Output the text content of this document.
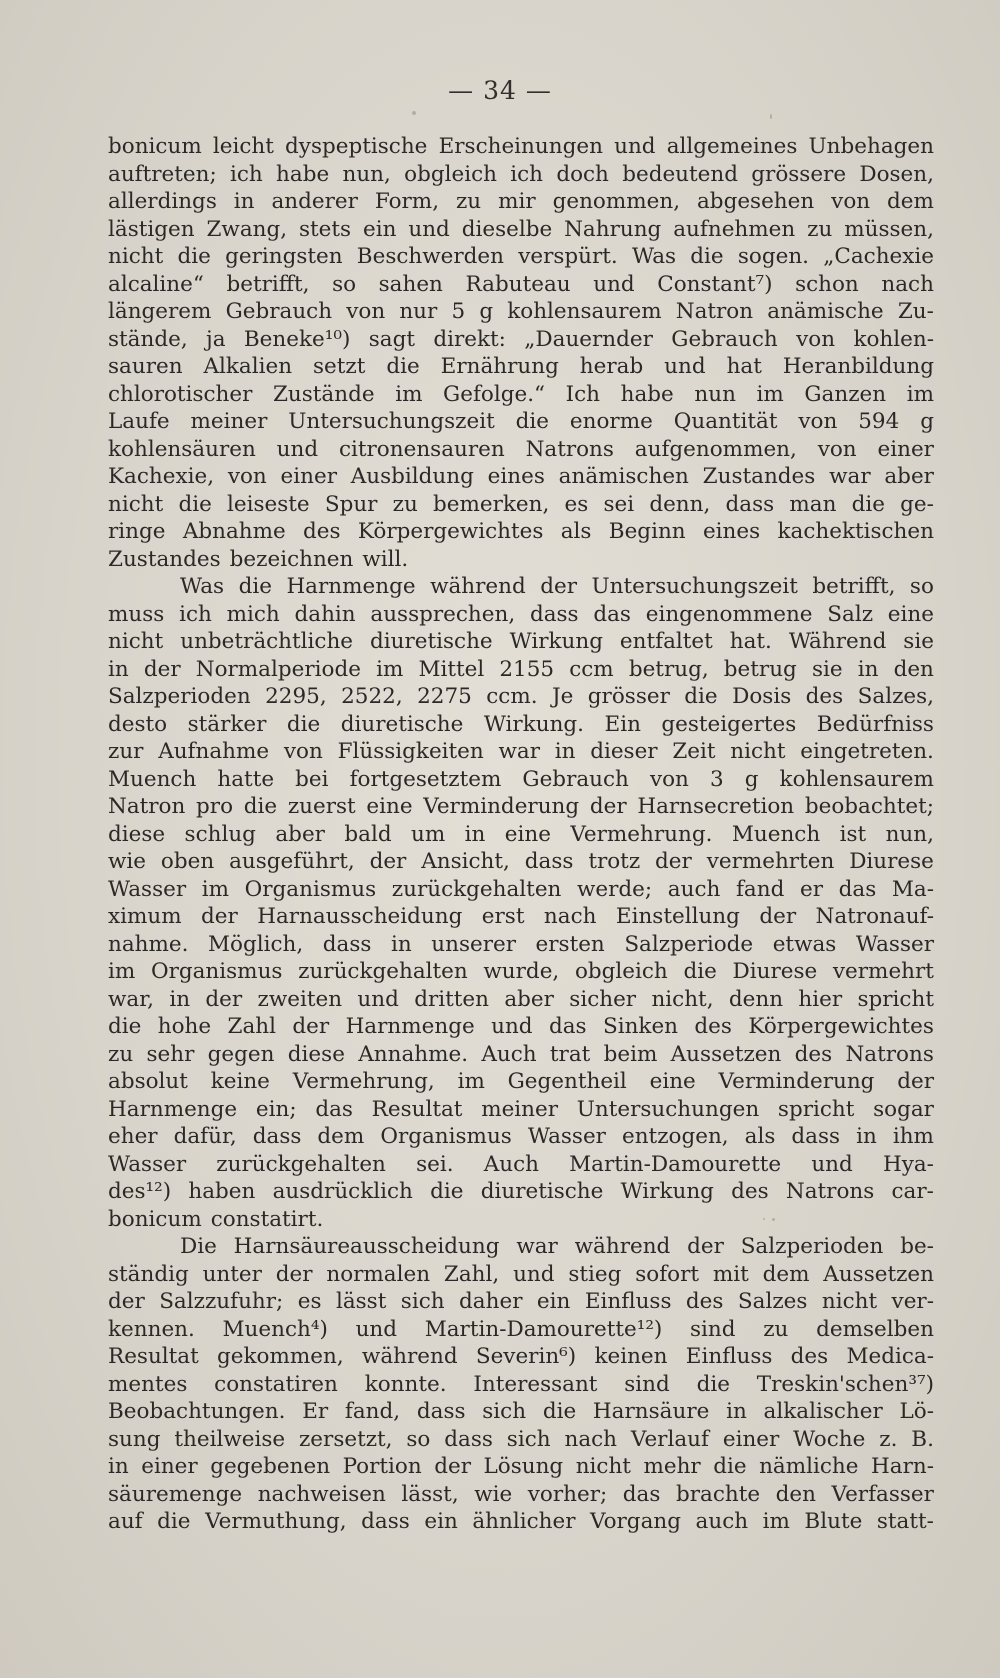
— 34 —
bonicum leicht dyspeptische Erscheinungen und allgemeines Unbehagen
auftreten; ich habe nun, obgleich ich doch bedeutend grössere Dosen,
allerdings in anderer Form, zu mir genommen, abgesehen von dem
lästigen Zwang, stets ein und dieselbe Nahrung aufnehmen zu müssen,
nicht die geringsten Beschwerden verspürt. Was die sogen. „Cachexie
alcaline“ betrifft, so sahen Rabuteau und Constant⁷) schon nach
längerem Gebrauch von nur 5 g kohlensaurem Natron anämische Zu-
stände, ja Beneke¹⁰) sagt direkt: „Dauernder Gebrauch von kohlen-
sauren Alkalien setzt die Ernährung herab und hat Heranbildung
chlorotischer Zustände im Gefolge.“ Ich habe nun im Ganzen im
Laufe meiner Untersuchungszeit die enorme Quantität von 594 g
kohlensäuren und citronensauren Natrons aufgenommen, von einer
Kachexie, von einer Ausbildung eines anämischen Zustandes war aber
nicht die leiseste Spur zu bemerken, es sei denn, dass man die ge-
ringe Abnahme des Körpergewichtes als Beginn eines kachektischen
Zustandes bezeichnen will.
Was die Harnmenge während der Untersuchungszeit betrifft, so
muss ich mich dahin aussprechen, dass das eingenommene Salz eine
nicht unbeträchtliche diuretische Wirkung entfaltet hat. Während sie
in der Normalperiode im Mittel 2155 ccm betrug, betrug sie in den
Salzperioden 2295, 2522, 2275 ccm. Je grösser die Dosis des Salzes,
desto stärker die diuretische Wirkung. Ein gesteigertes Bedürfniss
zur Aufnahme von Flüssigkeiten war in dieser Zeit nicht eingetreten.
Muench hatte bei fortgesetztem Gebrauch von 3 g kohlensaurem
Natron pro die zuerst eine Verminderung der Harnsecretion beobachtet;
diese schlug aber bald um in eine Vermehrung. Muench ist nun,
wie oben ausgeführt, der Ansicht, dass trotz der vermehrten Diurese
Wasser im Organismus zurückgehalten werde; auch fand er das Ma-
ximum der Harnausscheidung erst nach Einstellung der Natronauf-
nahme. Möglich, dass in unserer ersten Salzperiode etwas Wasser
im Organismus zurückgehalten wurde, obgleich die Diurese vermehrt
war, in der zweiten und dritten aber sicher nicht, denn hier spricht
die hohe Zahl der Harnmenge und das Sinken des Körpergewichtes
zu sehr gegen diese Annahme. Auch trat beim Aussetzen des Natrons
absolut keine Vermehrung, im Gegentheil eine Verminderung der
Harnmenge ein; das Resultat meiner Untersuchungen spricht sogar
eher dafür, dass dem Organismus Wasser entzogen, als dass in ihm
Wasser zurückgehalten sei. Auch Martin-Damourette und Hya-
des¹²) haben ausdrücklich die diuretische Wirkung des Natrons car-
bonicum constatirt.
Die Harnsäureausscheidung war während der Salzperioden be-
ständig unter der normalen Zahl, und stieg sofort mit dem Aussetzen
der Salzzufuhr; es lässt sich daher ein Einfluss des Salzes nicht ver-
kennen. Muench⁴) und Martin-Damourette¹²) sind zu demselben
Resultat gekommen, während Severin⁶) keinen Einfluss des Medica-
mentes constatiren konnte. Interessant sind die Treskin'schen³⁷)
Beobachtungen. Er fand, dass sich die Harnsäure in alkalischer Lö-
sung theilweise zersetzt, so dass sich nach Verlauf einer Woche z. B.
in einer gegebenen Portion der Lösung nicht mehr die nämliche Harn-
säuremenge nachweisen lässt, wie vorher; das brachte den Verfasser
auf die Vermuthung, dass ein ähnlicher Vorgang auch im Blute statt-
